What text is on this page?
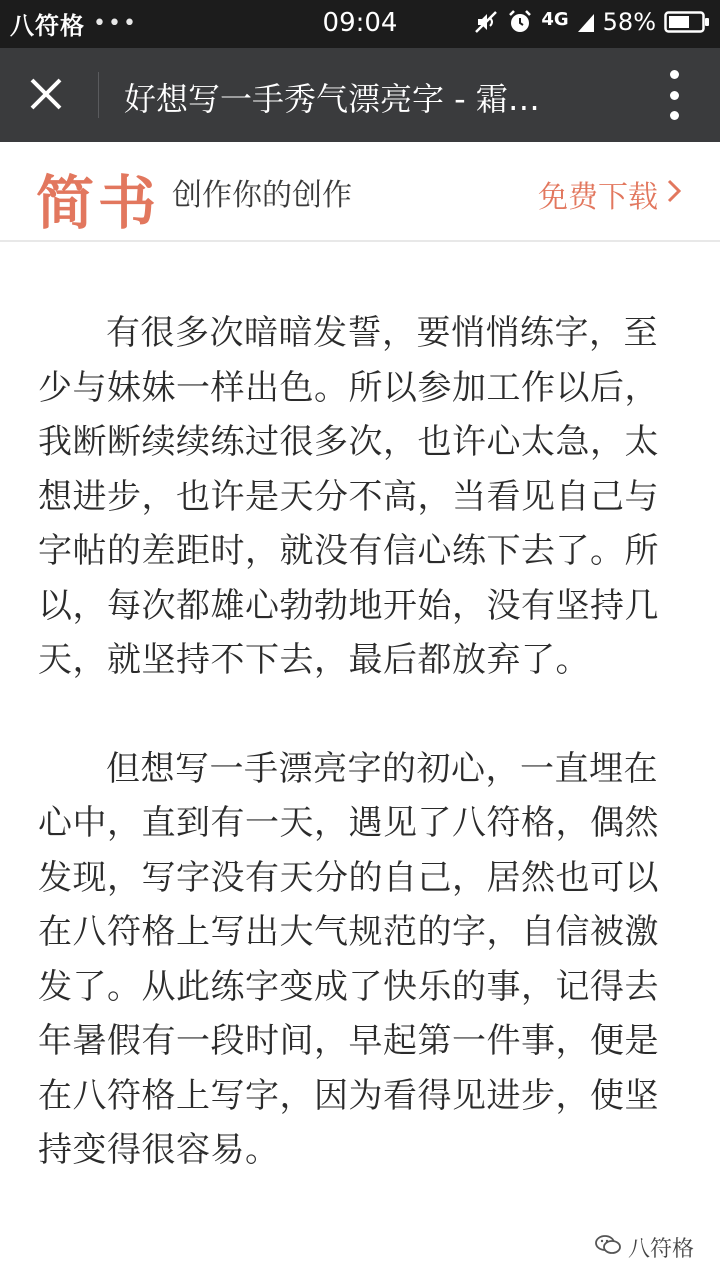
八符格 •••	09:04	4G 58%
好想写一手秀气漂亮字 - 霜…
简书 创作你的创作	免费下载

有很多次暗暗发誓，要悄悄练字，至少与妹妹一样出色。所以参加工作以后，我断断续续练过很多次，也许心太急，太想进步，也许是天分不高，当看见自己与字帖的差距时，就没有信心练下去了。所以，每次都雄心勃勃地开始，没有坚持几天，就坚持不下去，最后都放弃了。

但想写一手漂亮字的初心，一直埋在心中，直到有一天，遇见了八符格，偶然发现，写字没有天分的自己，居然也可以在八符格上写出大气规范的字，自信被激发了。从此练字变成了快乐的事，记得去年暑假有一段时间，早起第一件事，便是在八符格上写字，因为看得见进步，使坚持变得很容易。

八符格
